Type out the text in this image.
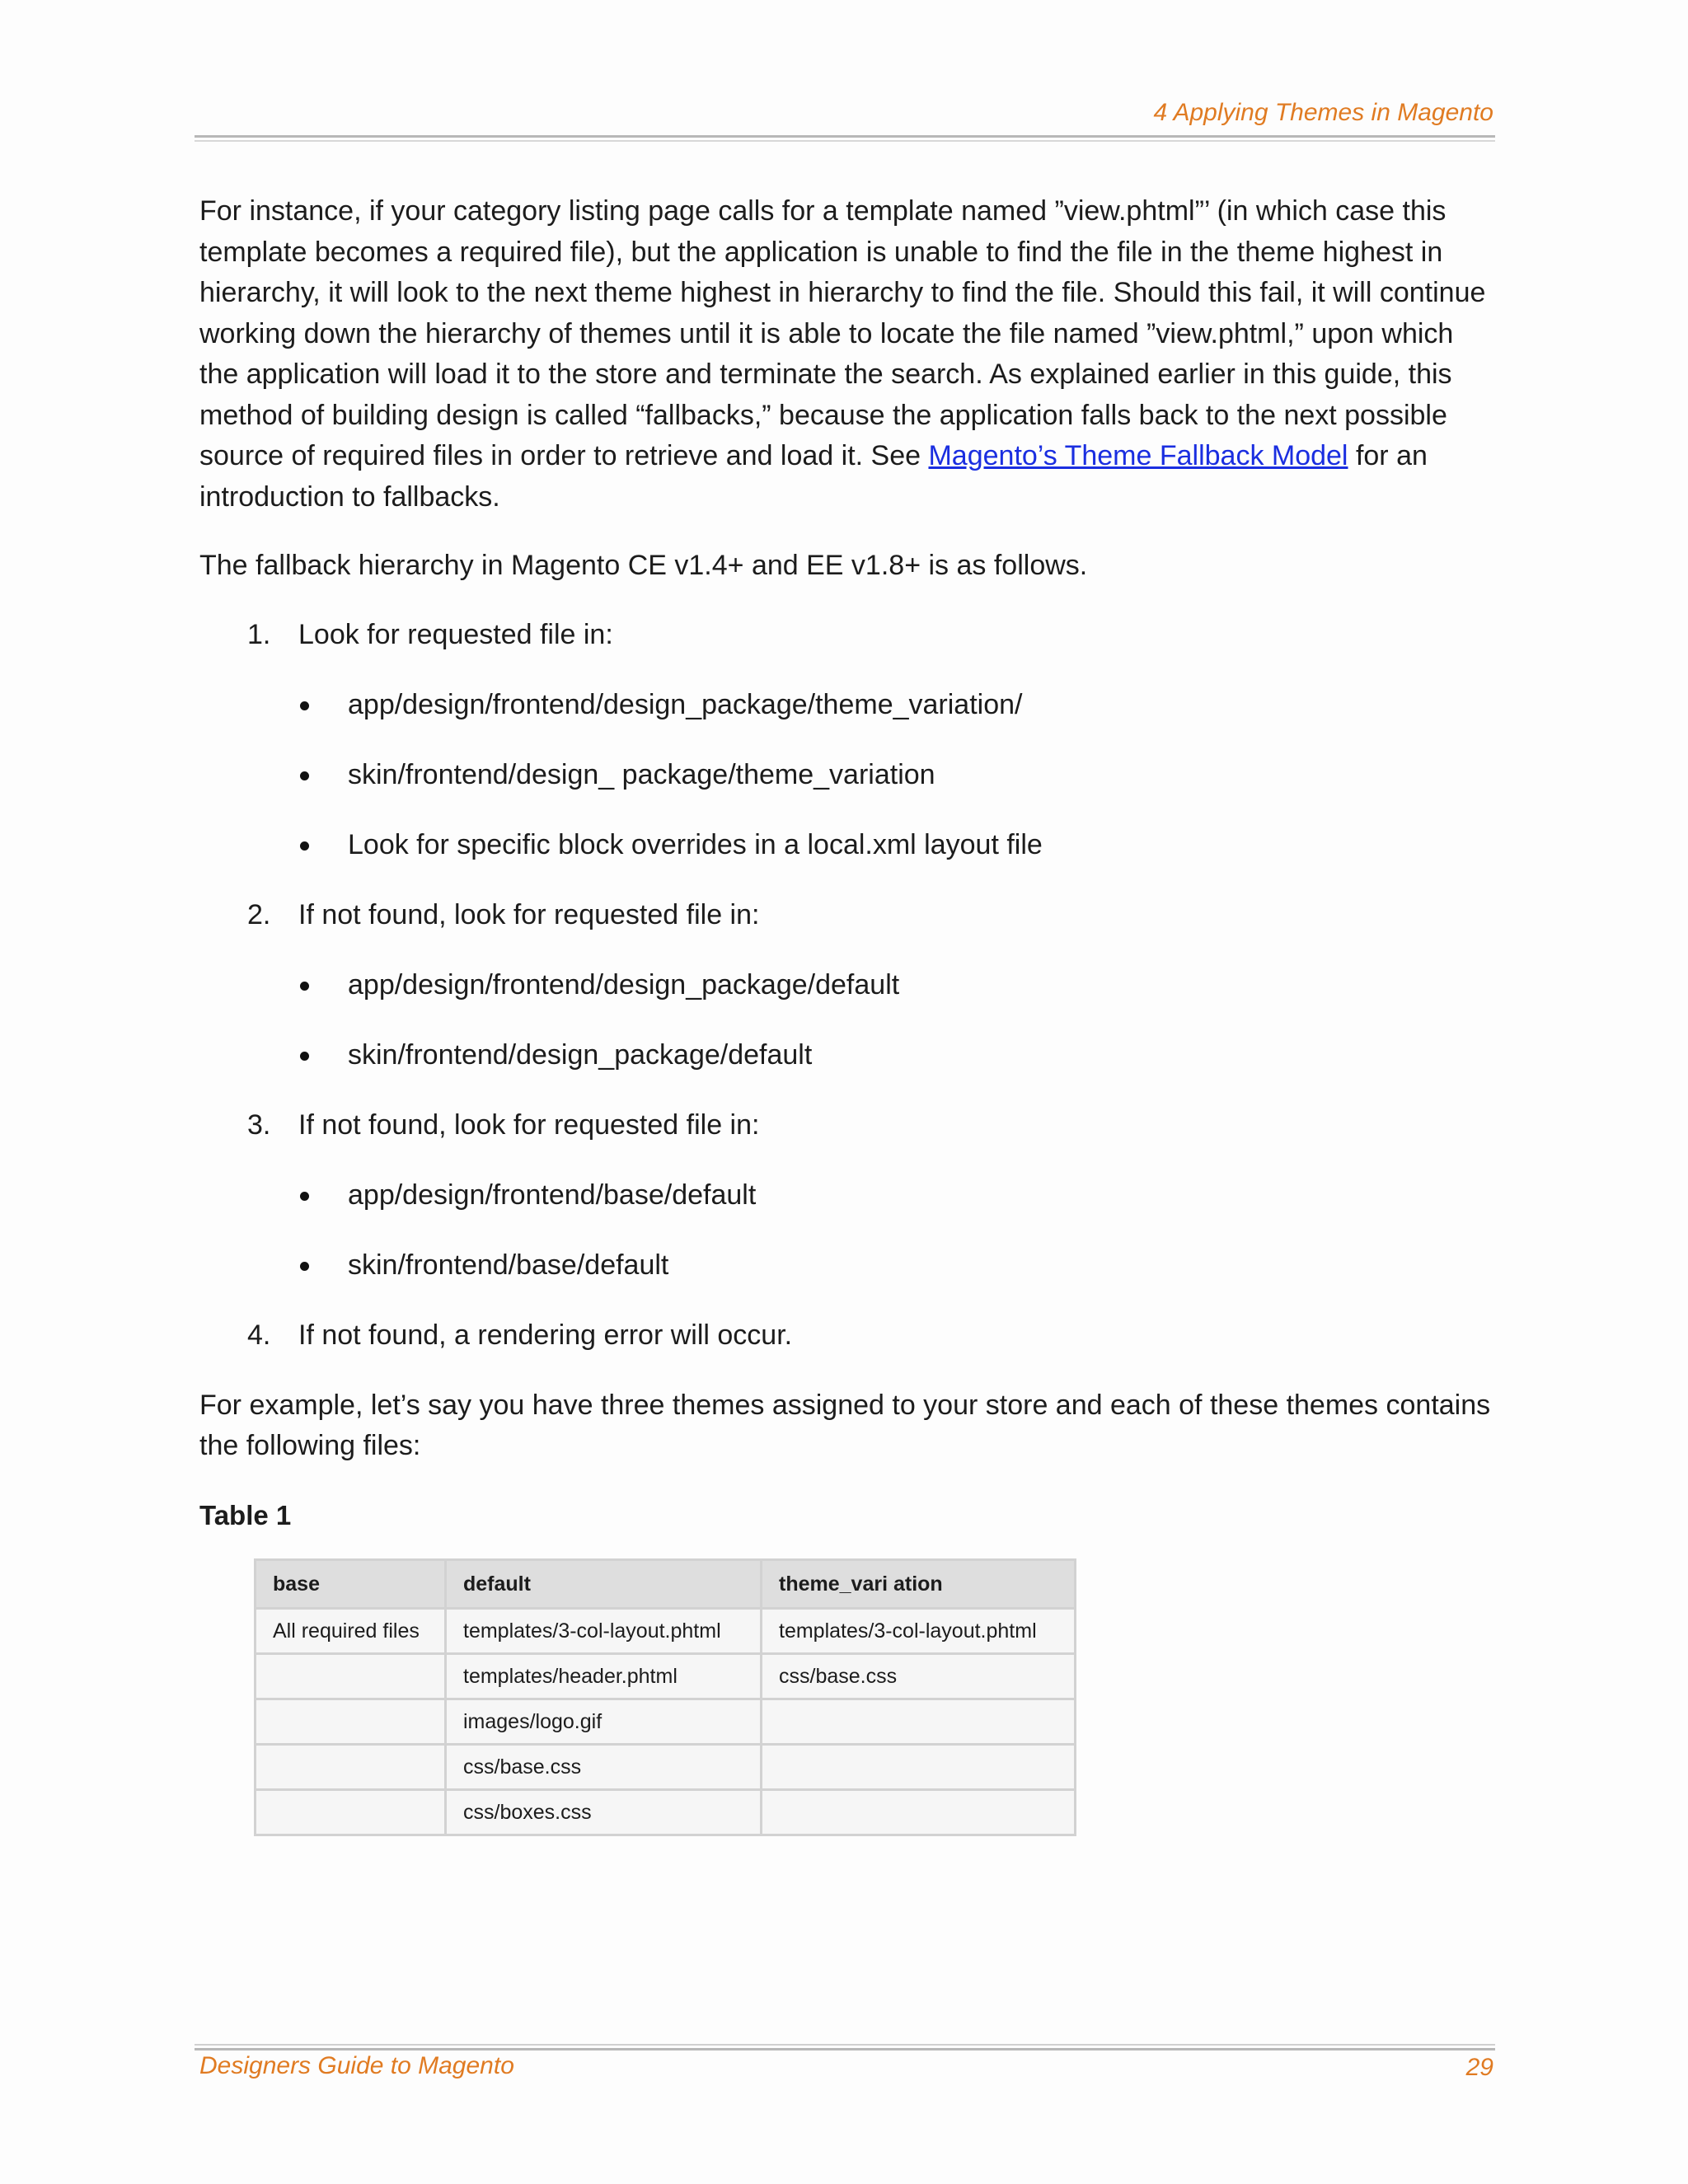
4 Applying Themes in Magento

For instance, if your category listing page calls for a template named ”view.phtml”’ (in which case this template becomes a required file), but the application is unable to find the file in the theme highest in hierarchy, it will look to the next theme highest in hierarchy to find the file. Should this fail, it will continue working down the hierarchy of themes until it is able to locate the file named ”view.phtml,” upon which the application will load it to the store and terminate the search. As explained earlier in this guide, this method of building design is called “fallbacks,” because the application falls back to the next possible source of required files in order to retrieve and load it. See Magento’s Theme Fallback Model for an introduction to fallbacks.

The fallback hierarchy in Magento CE v1.4+ and EE v1.8+ is as follows.

1. Look for requested file in:
app/design/frontend/design_package/theme_variation/
skin/frontend/design_ package/theme_variation
Look for specific block overrides in a local.xml layout file
2. If not found, look for requested file in:
app/design/frontend/design_package/default
skin/frontend/design_package/default
3. If not found, look for requested file in:
app/design/frontend/base/default
skin/frontend/base/default
4. If not found, a rendering error will occur.

For example, let’s say you have three themes assigned to your store and each of these themes contains the following files:

Table 1
base	default	theme_vari ation
All required files	templates/3-col-layout.phtml	templates/3-col-layout.phtml
	templates/header.phtml	css/base.css
	images/logo.gif	
	css/base.css	
	css/boxes.css	
Designers Guide to Magento	29
